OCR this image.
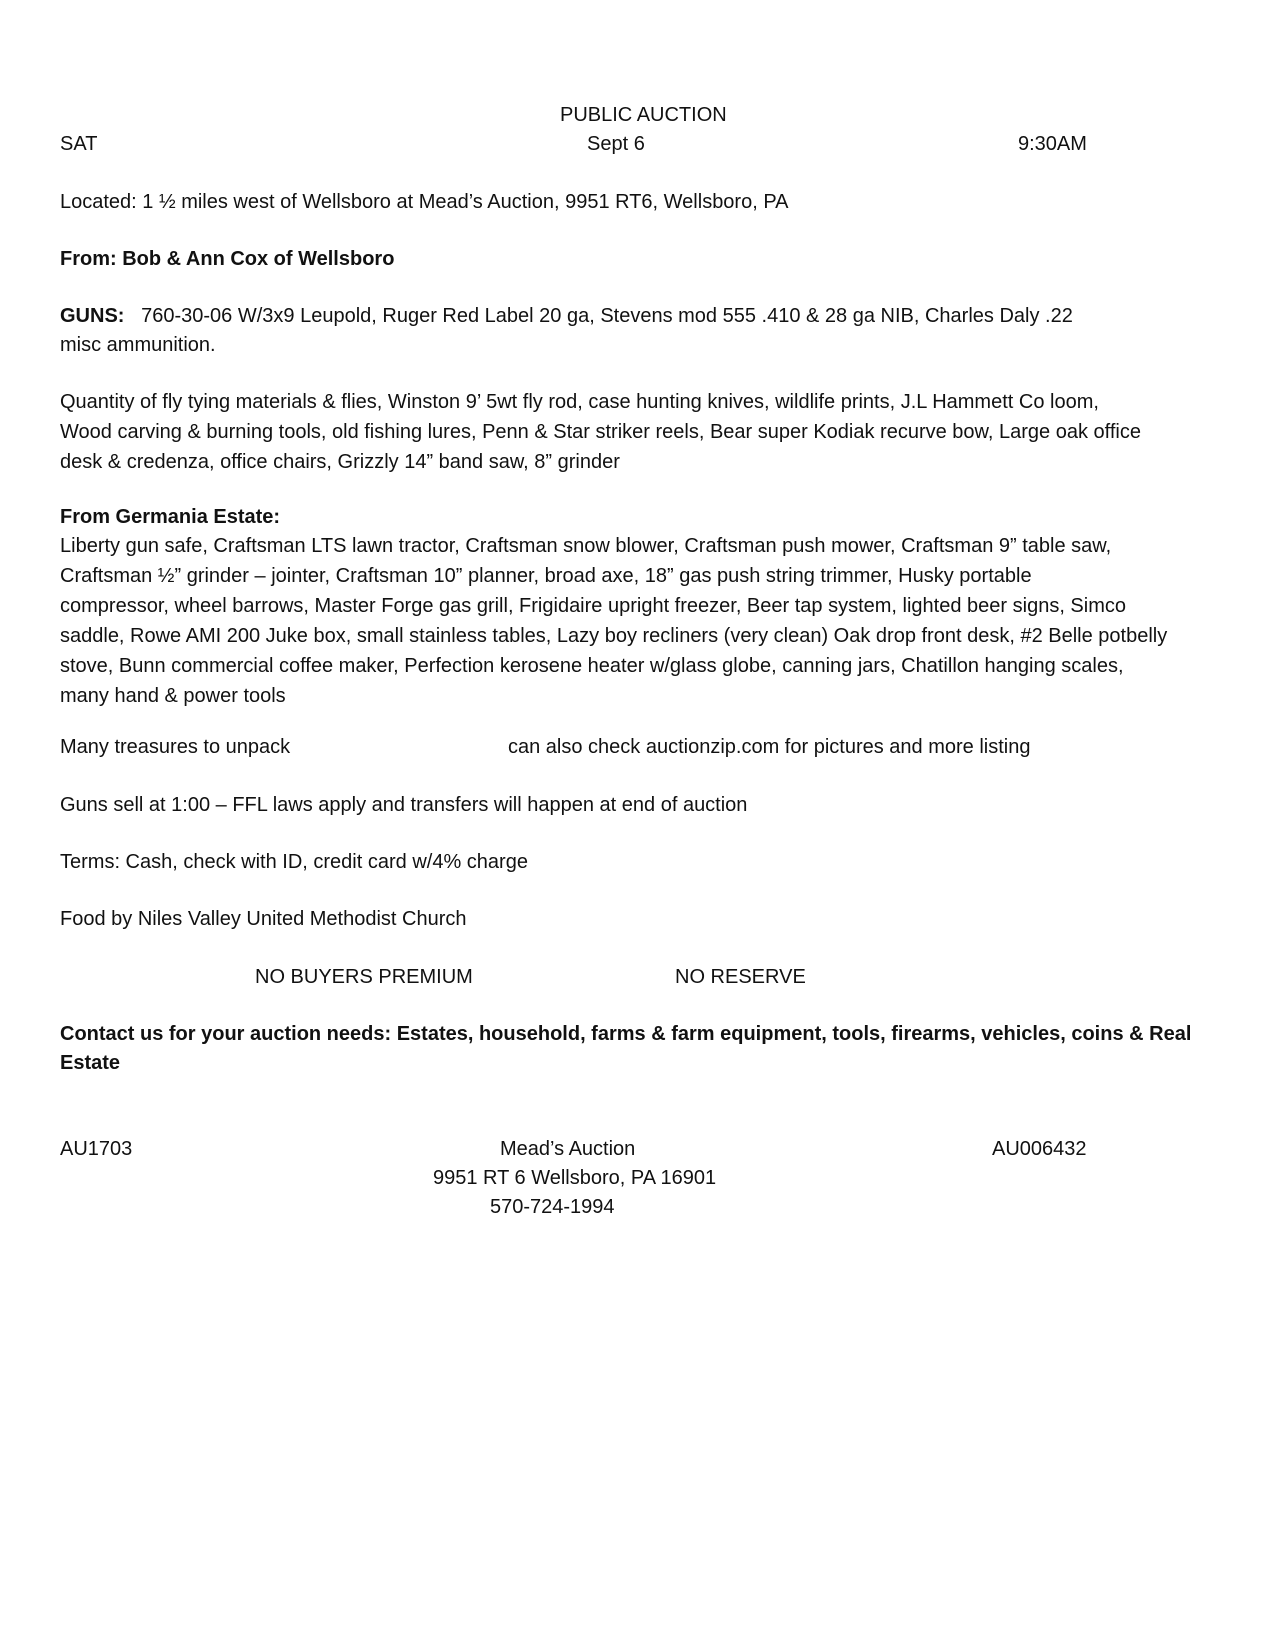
PUBLIC AUCTION
SAT	Sept 6	9:30AM
Located: 1 ½ miles west of Wellsboro at Mead’s Auction, 9951 RT6, Wellsboro, PA
From: Bob & Ann Cox of Wellsboro
GUNS: 760-30-06 W/3x9 Leupold, Ruger Red Label 20 ga, Stevens mod 555 .410 & 28 ga NIB, Charles Daly .22
misc ammunition.

Quantity of fly tying materials & flies, Winston 9’ 5wt fly rod, case hunting knives, wildlife prints, J.L Hammett Co loom,

Wood carving & burning tools, old fishing lures, Penn & Star striker reels, Bear super Kodiak recurve bow, Large oak office

desk & credenza, office chairs, Grizzly 14” band saw, 8” grinder

From Germania Estate:

Liberty gun safe, Craftsman LTS lawn tractor, Craftsman snow blower, Craftsman push mower, Craftsman 9” table saw,

Craftsman ½” grinder – jointer, Craftsman 10” planner, broad axe, 18” gas push string trimmer, Husky portable

compressor, wheel barrows, Master Forge gas grill, Frigidaire upright freezer, Beer tap system, lighted beer signs, Simco

saddle, Rowe AMI 200 Juke box, small stainless tables, Lazy boy recliners (very clean) Oak drop front desk, #2 Belle potbelly

stove, Bunn commercial coffee maker, Perfection kerosene heater w/glass globe, canning jars, Chatillon hanging scales,

many hand & power tools

Many treasures to unpack	can also check auctionzip.com for pictures and more listing
Guns sell at 1:00 – FFL laws apply and transfers will happen at end of auction
Terms: Cash, check with ID, credit card w/4% charge
Food by Niles Valley United Methodist Church
NO BUYERS PREMIUM	NO RESERVE
Contact us for your auction needs: Estates, household, farms & farm equipment, tools, firearms, vehicles, coins & Real
Estate
AU1703	Mead’s Auction	AU006432
9951 RT 6 Wellsboro, PA 16901
570-724-1994
